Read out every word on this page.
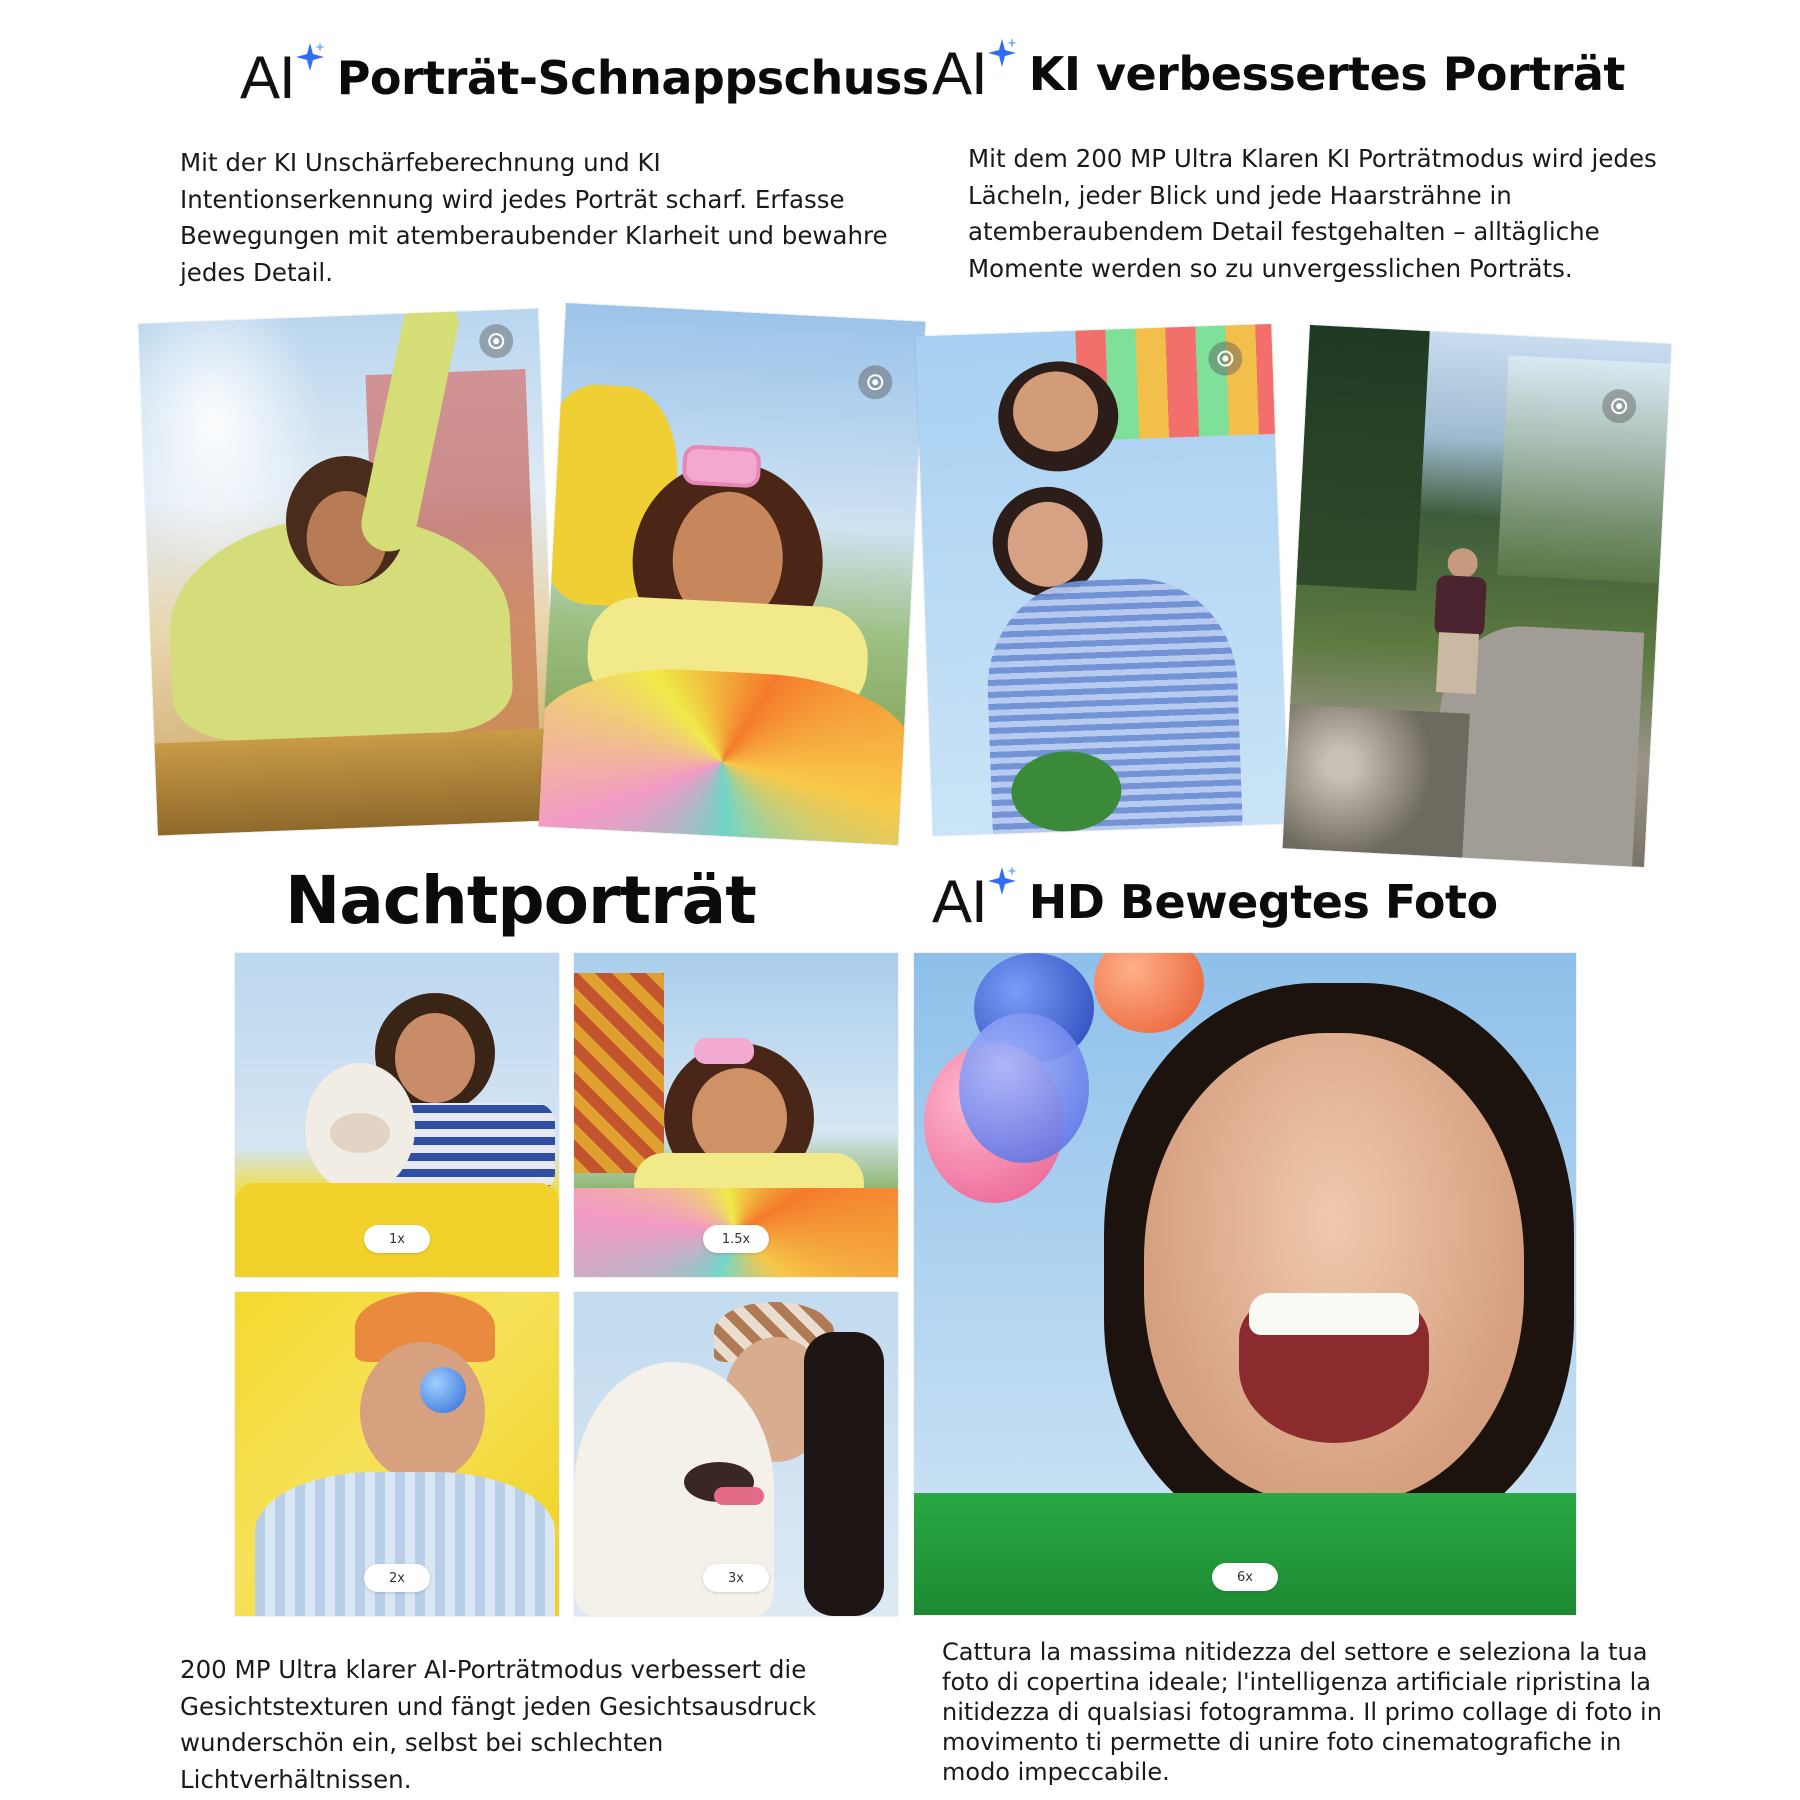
AI Porträt-Schnappschuss
Mit der KI Unschärfeberechnung und KI Intentionserkennung wird jedes Porträt scharf. Erfasse Bewegungen mit atemberaubender Klarheit und bewahre jedes Detail.
AI KI verbessertes Porträt
Mit dem 200 MP Ultra Klaren KI Porträtmodus wird jedes Lächeln, jeder Blick und jede Haarsträhne in atemberaubendem Detail festgehalten – alltägliche Momente werden so zu unvergesslichen Porträts.
Nachtporträt
1x	1.5x
2x	3x
200 MP Ultra klarer AI-Porträtmodus verbessert die Gesichtstexturen und fängt jeden Gesichtsausdruck wunderschön ein, selbst bei schlechten Lichtverhältnissen.
AI HD Bewegtes Foto
6x
Cattura la massima nitidezza del settore e seleziona la tua foto di copertina ideale; l'intelligenza artificiale ripristina la nitidezza di qualsiasi fotogramma. Il primo collage di foto in movimento ti permette di unire foto cinematografiche in modo impeccabile.
